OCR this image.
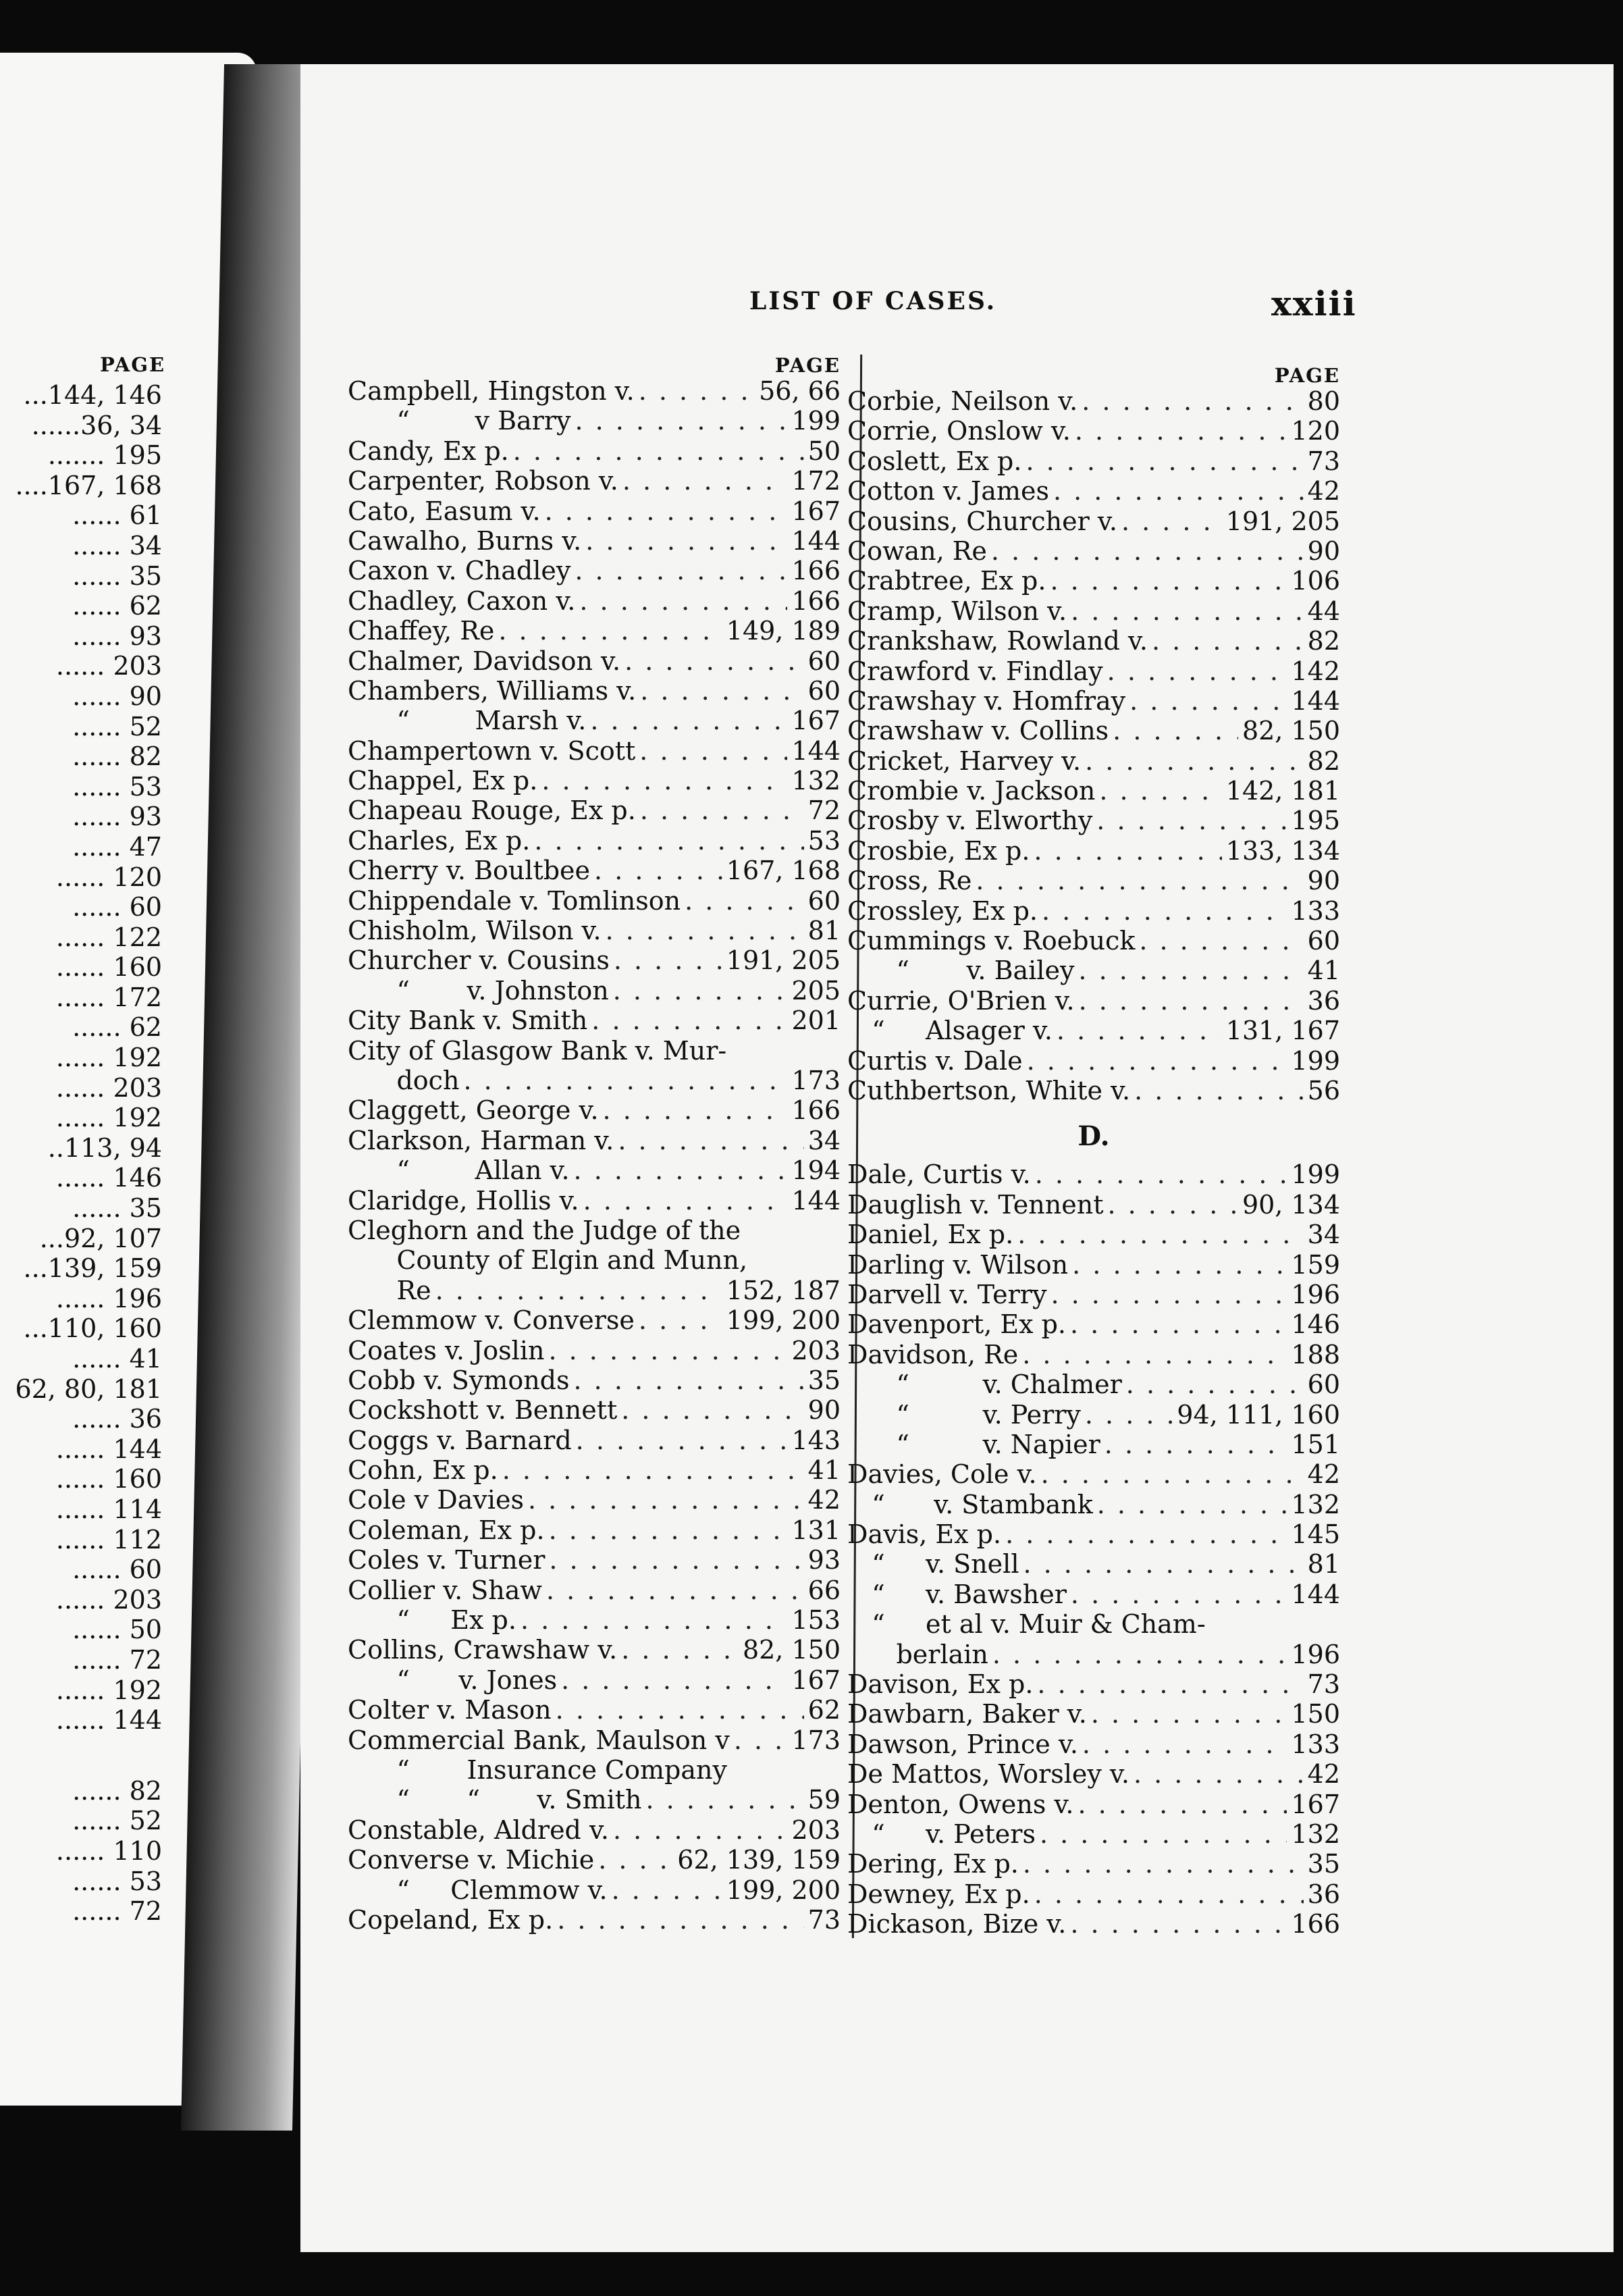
PAGE
...144, 146
......36, 34
....... 195
....167, 168
...... 61
...... 34
...... 35
...... 62
...... 93
...... 203
...... 90
...... 52
...... 82
...... 53
...... 93
...... 47
...... 120
...... 60
...... 122
...... 160
...... 172
...... 62
...... 192
...... 203
...... 192
..113, 94
...... 146
...... 35
...92, 107
...139, 159
...... 196
...110, 160
...... 41
62, 80, 181
...... 36
...... 144
...... 160
...... 114
...... 112
...... 60
...... 203
...... 50
...... 72
...... 192
...... 144
...... 82
...... 52
...... 110
...... 53
...... 72
LIST OF CASES.	xxiii
PAGE
Campbell, Hingston v. . . .	56, 66
“        v Barry . . .	199
Candy, Ex p. . . .	50
Carpenter, Robson v. . . .	172
Cato, Easum v. . . .	167
Cawalho, Burns v. . . .	144
Caxon v. Chadley . . .	166
Chadley, Caxon v. . . .	166
Chaffey, Re . . .	149, 189
Chalmer, Davidson v. . . .	60
Chambers, Williams v. . . .	60
“        Marsh v. . . .	167
Champertown v. Scott . . .	144
Chappel, Ex p. . . .	132
Chapeau Rouge, Ex p. . . .	72
Charles, Ex p. . . .	53
Cherry v. Boultbee . . .	167, 168
Chippendale v. Tomlinson . . .	60
Chisholm, Wilson v. . . .	81
Churcher v. Cousins . . .	191, 205
“       v. Johnston . . .	205
City Bank v. Smith . . .	201
City of Glasgow Bank v. Mur-
doch . . .	173
Claggett, George v. . . .	166
Clarkson, Harman v. . . .	34
“        Allan v. . . .	194
Claridge, Hollis v. . . .	144
Cleghorn and the Judge of the
County of Elgin and Munn,
Re . . .	152, 187
Clemmow v. Converse . . .	199, 200
Coates v. Joslin . . .	203
Cobb v. Symonds . . .	35
Cockshott v. Bennett . . .	90
Coggs v. Barnard . . .	143
Cohn, Ex p. . . .	41
Cole v Davies . . .	42
Coleman, Ex p. . . .	131
Coles v. Turner . . .	93
Collier v. Shaw . . .	66
“     Ex p. . . .	153
Collins, Crawshaw v. . . .	82, 150
“      v. Jones . . .	167
Colter v. Mason . . .	62
Commercial Bank, Maulson v . . . 173
“       Insurance Company
“       “       v. Smith . . .	59
Constable, Aldred v. . . .	203
Converse v. Michie . . .	62, 139, 159
“     Clemmow v. . . .	199, 200
Copeland, Ex p. . . .	73
PAGE
Corbie, Neilson v. . . .	80
Corrie, Onslow v. . . .	120
Coslett, Ex p. . . .	73
Cotton v. James . . .	42
Cousins, Churcher v. . . .	191, 205
Cowan, Re . . .	90
Crabtree, Ex p. . . .	106
Cramp, Wilson v. . . .	44
Crankshaw, Rowland v. . . .	82
Crawford v. Findlay . . .	142
Crawshay v. Homfray . . .	144
Crawshaw v. Collins . . .	82, 150
Cricket, Harvey v. . . .	82
Crombie v. Jackson . . .	142, 181
Crosby v. Elworthy . . .	195
Crosbie, Ex p. . . .	133, 134
Cross, Re . . .	90
Crossley, Ex p. . . .	133
Cummings v. Roebuck . . .	60
“       v. Bailey . . .	41
Currie, O'Brien v. . . .	36
“     Alsager v. . . .	131, 167
Curtis v. Dale . . .	199
Cuthbertson, White v. . . .	56
D.
Dale, Curtis v. . . .	199
Dauglish v. Tennent . . .	90, 134
Daniel, Ex p. . . .	34
Darling v. Wilson . . .	159
Darvell v. Terry . . .	196
Davenport, Ex p. . . .	146
Davidson, Re . . .	188
“         v. Chalmer . . .	60
“         v. Perry . . .	94, 111, 160
“         v. Napier . . .	151
Davies, Cole v. . . .	42
“      v. Stambank . . .	132
Davis, Ex p. . . .	145
“     v. Snell . . .	81
“     v. Bawsher . . .	144
“     et al v. Muir & Cham-
berlain . . .	196
Davison, Ex p. . . .	73
Dawbarn, Baker v. . . .	150
Dawson, Prince v. . . .	133
De Mattos, Worsley v. . . .	42
Denton, Owens v. . . .	167
“     v. Peters . . .	132
Dering, Ex p. . . .	35
Dewney, Ex p. . . .	36
Dickason, Bize v. . . .	166
